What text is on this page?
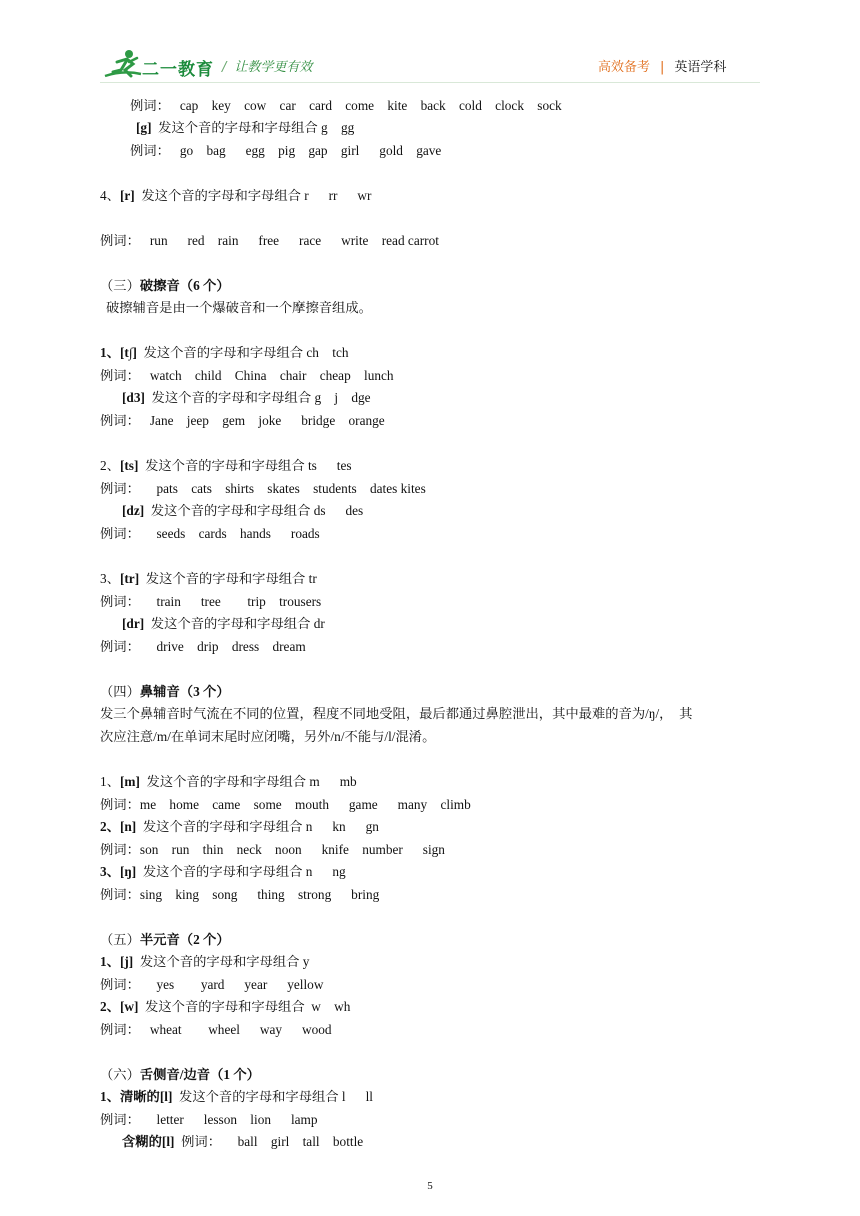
二一教育 / 让教学更有效	高效备考 | 英语学科
例词：   cap    key    cow    car    card    come    kite    back    cold    clock    sock
[g]  发这个音的字母和字母组合 g    gg
例词：   go    bag      egg    pig    gap    girl      gold    gave
4、[r]  发这个音的字母和字母组合 r      rr      wr
例词：   run      red    rain      free      race      write    read carrot
（三）破擦音（6 个）
破擦辅音是由一个爆破音和一个摩擦音组成。
1、[t∫]  发这个音的字母和字母组合 ch    tch
例词：   watch    child    China    chair    cheap    lunch
[d3]  发这个音的字母和字母组合 g    j    dge
例词：   Jane    jeep    gem    joke      bridge    orange
2、[ts]  发这个音的字母和字母组合 ts      tes
例词：     pats    cats    shirts    skates    students    dates kites
[dz]  发这个音的字母和字母组合 ds      des
例词：     seeds    cards    hands      roads
3、[tr]  发这个音的字母和字母组合 tr
例词：     train      tree        trip    trousers
[dr]  发这个音的字母和字母组合 dr
例词：     drive    drip    dress    dream
（四）鼻辅音（3 个）
发三个鼻辅音时气流在不同的位置，程度不同地受阻，最后都通过鼻腔泄出，其中最难的音为/ŋ/，  其
次应注意/m/在单词末尾时应闭嘴，另外/n/不能与/l/混淆。
1、[m]  发这个音的字母和字母组合 m      mb
例词：me    home    came    some    mouth      game      many    climb
2、[n]  发这个音的字母和字母组合 n      kn      gn
例词：son    run    thin    neck    noon      knife    number      sign
3、[ŋ]  发这个音的字母和字母组合 n      ng
例词：sing    king    song      thing    strong      bring
（五）半元音（2 个）
1、[j]  发这个音的字母和字母组合 y
例词：     yes        yard      year      yellow
2、[w]  发这个音的字母和字母组合  w    wh
例词：   wheat        wheel      way      wood
（六）舌侧音/边音（1 个）
1、清晰的[l]  发这个音的字母和字母组合 l      ll
例词：     letter      lesson    lion      lamp
含糊的[l]  例词：     ball    girl    tall    bottle
5
